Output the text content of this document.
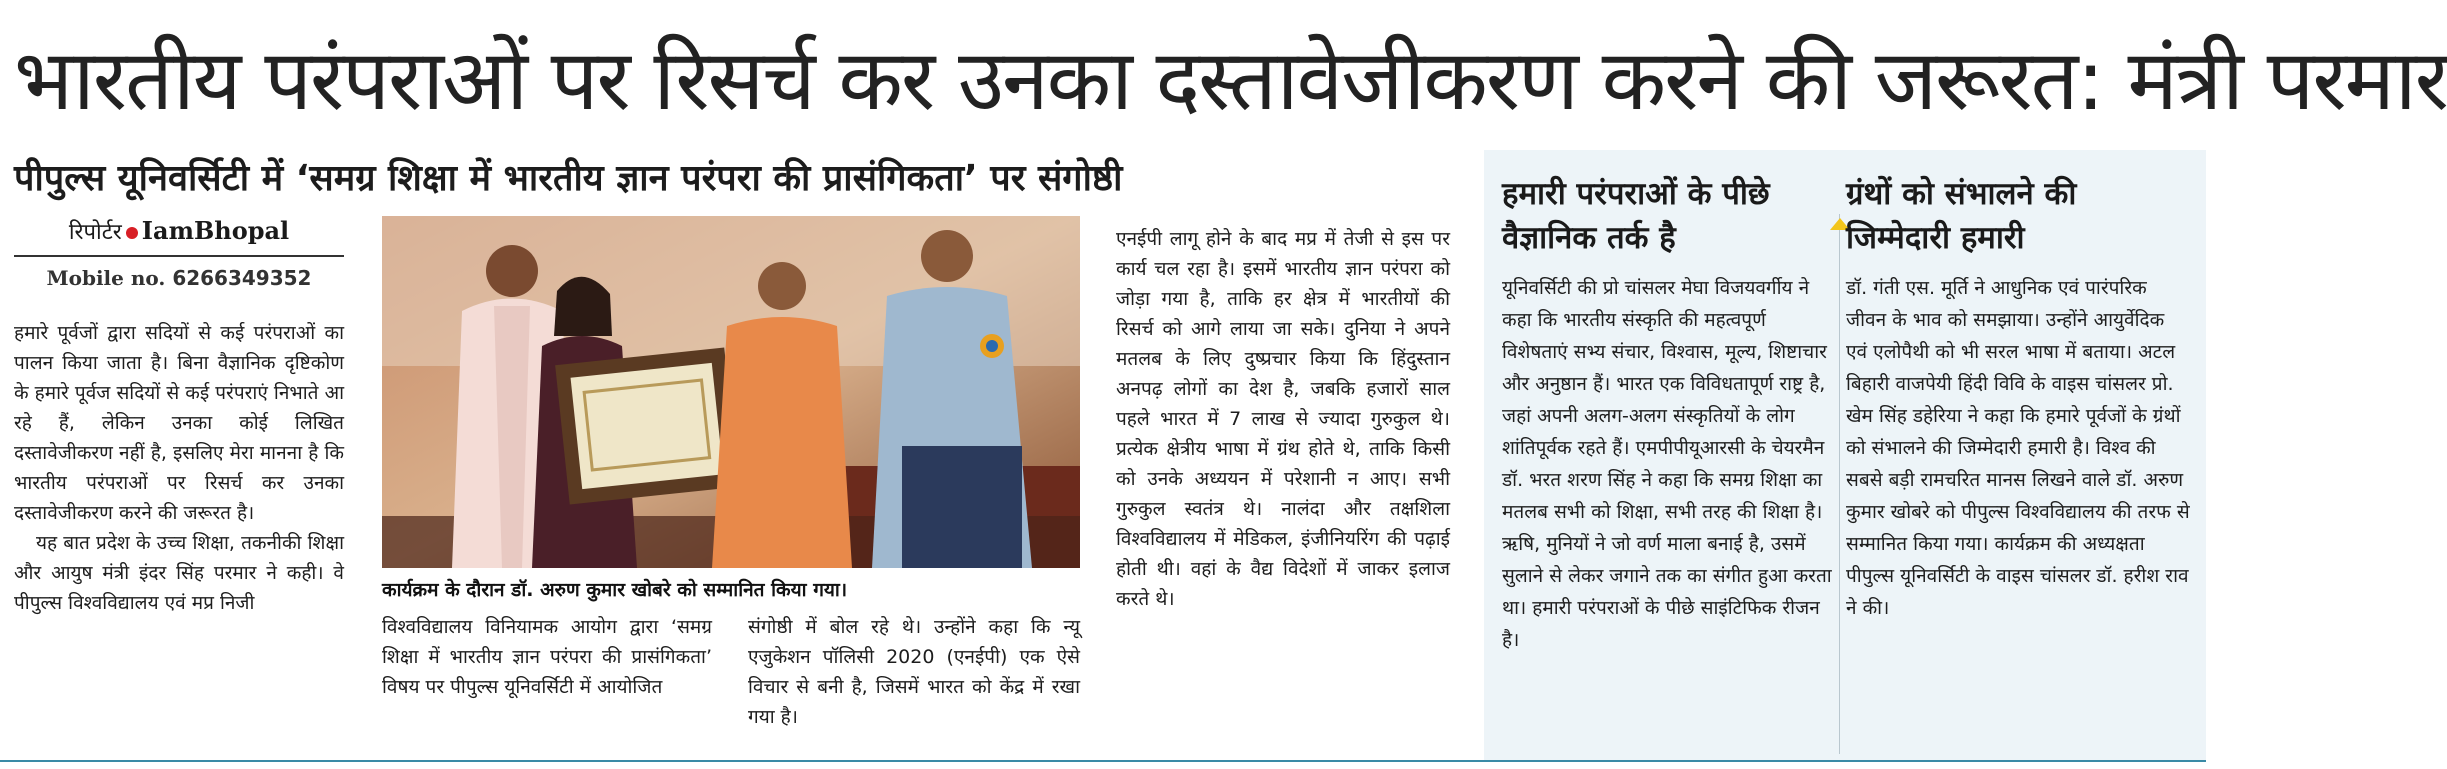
भारतीय परंपराओं पर रिसर्च कर उनका दस्तावेजीकरण करने की जरूरत: मंत्री परमार
पीपुल्स यूनिवर्सिटी में ‘समग्र शिक्षा में भारतीय ज्ञान परंपरा की प्रासंगिकता’ पर संगोष्ठी
रिपोर्टर IamBhopal
Mobile no. 6266349352

हमारे पूर्वजों द्वारा सदियों से कई परंपराओं का पालन किया जाता है। बिना वैज्ञानिक दृष्टिकोण के हमारे पूर्वज सदियों से कई परंपराएं निभाते आ रहे हैं, लेकिन उनका कोई लिखित दस्तावेजीकरण नहीं है, इसलिए मेरा मानना है कि भारतीय परंपराओं पर रिसर्च कर उनका दस्तावेजीकरण करने की जरूरत है।

यह बात प्रदेश के उच्च शिक्षा, तकनीकी शिक्षा और आयुष मंत्री इंदर सिंह परमार ने कही। वे पीपुल्स विश्वविद्यालय एवं मप्र निजी

कार्यक्रम के दौरान डॉ. अरुण कुमार खोबरे को सम्मानित किया गया।

विश्वविद्यालय विनियामक आयोग द्वारा ‘समग्र शिक्षा में भारतीय ज्ञान परंपरा की प्रासंगिकता’ विषय पर पीपुल्स यूनिवर्सिटी में आयोजित

संगोष्ठी में बोल रहे थे। उन्होंने कहा कि न्यू एजुकेशन पॉलिसी 2020 (एनईपी) एक ऐसे विचार से बनी है, जिसमें भारत को केंद्र में रखा गया है।

एनईपी लागू होने के बाद मप्र में तेजी से इस पर कार्य चल रहा है। इसमें भारतीय ज्ञान परंपरा को जोड़ा गया है, ताकि हर क्षेत्र में भारतीयों की रिसर्च को आगे लाया जा सके। दुनिया ने अपने मतलब के लिए दुष्प्रचार किया कि हिंदुस्तान अनपढ़ लोगों का देश है, जबकि हजारों साल पहले भारत में 7 लाख से ज्यादा गुरुकुल थे। प्रत्येक क्षेत्रीय भाषा में ग्रंथ होते थे, ताकि किसी को उनके अध्ययन में परेशानी न आए। सभी गुरुकुल स्वतंत्र थे। नालंदा और तक्षशिला विश्वविद्यालय में मेडिकल, इंजीनियरिंग की पढ़ाई होती थी। वहां के वैद्य विदेशों में जाकर इलाज करते थे।

हमारी परंपराओं के पीछे वैज्ञानिक तर्क है
यूनिवर्सिटी की प्रो चांसलर मेघा विजयवर्गीय ने कहा कि भारतीय संस्कृति की महत्वपूर्ण विशेषताएं सभ्य संचार, विश्वास, मूल्य, शिष्टाचार और अनुष्ठान हैं। भारत एक विविधतापूर्ण राष्ट्र है, जहां अपनी अलग-अलग संस्कृतियों के लोग शांतिपूर्वक रहते हैं। एमपीपीयूआरसी के चेयरमैन डॉ. भरत शरण सिंह ने कहा कि समग्र शिक्षा का मतलब सभी को शिक्षा, सभी तरह की शिक्षा है। ऋषि, मुनियों ने जो वर्ण माला बनाई है, उसमें सुलाने से लेकर जगाने तक का संगीत हुआ करता था। हमारी परंपराओं के पीछे साइंटिफिक रीजन है।
ग्रंथों को संभालने की जिम्मेदारी हमारी
डॉ. गंती एस. मूर्ति ने आधुनिक एवं पारंपरिक जीवन के भाव को समझाया। उन्होंने आयुर्वेदिक एवं एलोपैथी को भी सरल भाषा में बताया। अटल बिहारी वाजपेयी हिंदी विवि के वाइस चांसलर प्रो. खेम सिंह डहेरिया ने कहा कि हमारे पूर्वजों के ग्रंथों को संभालने की जिम्मेदारी हमारी है। विश्व की सबसे बड़ी रामचरित मानस लिखने वाले डॉ. अरुण कुमार खोबरे को पीपुल्स विश्वविद्यालय की तरफ से सम्मानित किया गया। कार्यक्रम की अध्यक्षता पीपुल्स यूनिवर्सिटी के वाइस चांसलर डॉ. हरीश राव ने की।
